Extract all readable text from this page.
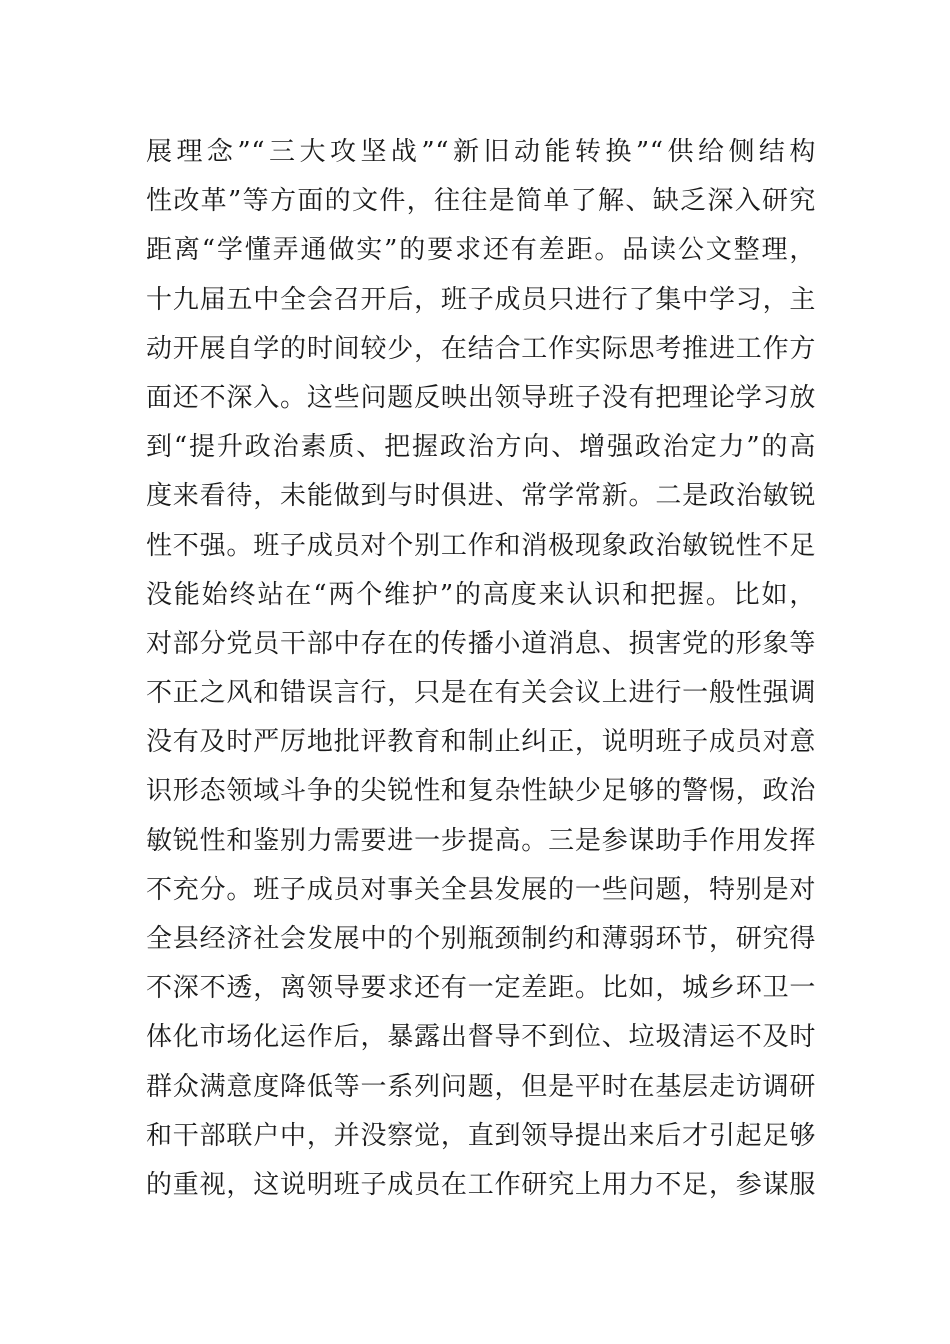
展理念”“三大攻坚战”“新旧动能转换”“供给侧结构
性改革”等方面的文件，往往是简单了解、缺乏深入研究
距离“学懂弄通做实”的要求还有差距。品读公文整理，
十九届五中全会召开后，班子成员只进行了集中学习，主
动开展自学的时间较少，在结合工作实际思考推进工作方
面还不深入。这些问题反映出领导班子没有把理论学习放
到“提升政治素质、把握政治方向、增强政治定力”的高
度来看待，未能做到与时俱进、常学常新。二是政治敏锐
性不强。班子成员对个别工作和消极现象政治敏锐性不足
没能始终站在“两个维护”的高度来认识和把握。比如，
对部分党员干部中存在的传播小道消息、损害党的形象等
不正之风和错误言行，只是在有关会议上进行一般性强调
没有及时严厉地批评教育和制止纠正，说明班子成员对意
识形态领域斗争的尖锐性和复杂性缺少足够的警惕，政治
敏锐性和鉴别力需要进一步提高。三是参谋助手作用发挥
不充分。班子成员对事关全县发展的一些问题，特别是对
全县经济社会发展中的个别瓶颈制约和薄弱环节，研究得
不深不透，离领导要求还有一定差距。比如，城乡环卫一
体化市场化运作后，暴露出督导不到位、垃圾清运不及时
群众满意度降低等一系列问题，但是平时在基层走访调研
和干部联户中，并没察觉，直到领导提出来后才引起足够
的重视，这说明班子成员在工作研究上用力不足，参谋服
